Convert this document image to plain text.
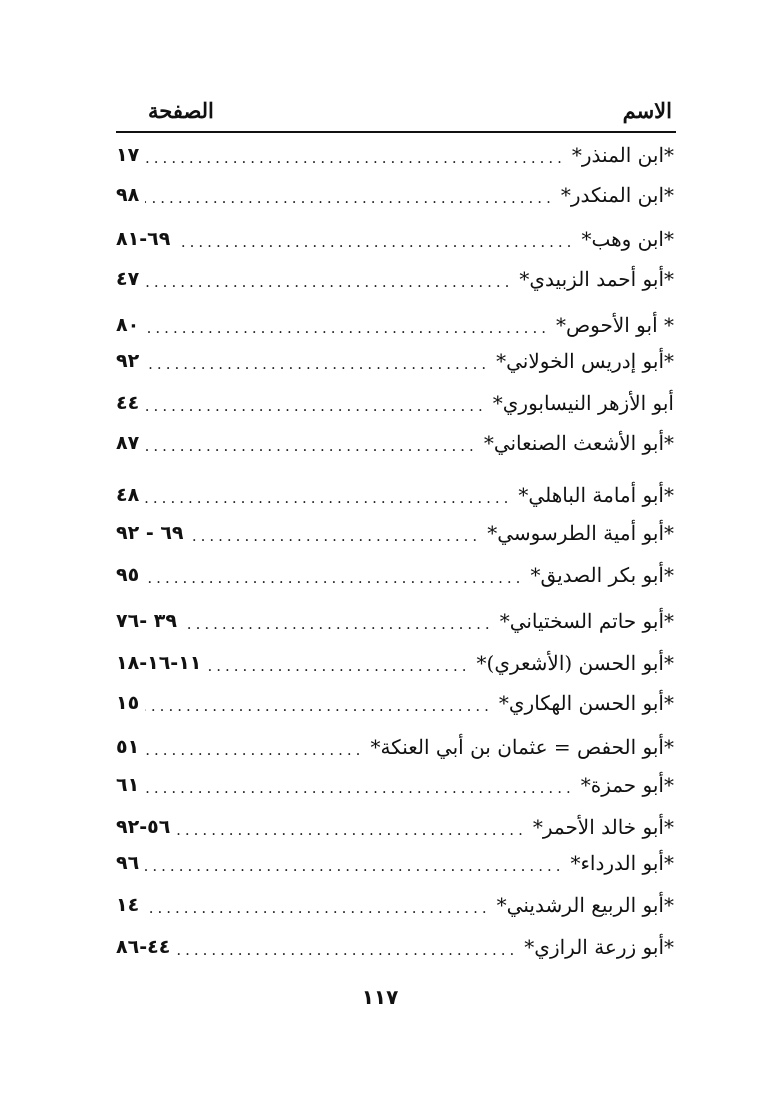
الاسم
الصفحة
*ابن المنذر*
.....
١٧
*ابن المنكدر*
.....
٩٨
*ابن وهب*
.....
٦٩-٨١
*أبو أحمد الزبيدي*
.....
٤٧
* أبو الأحوص*
.....
٨٠
*أبو إدريس الخولاني*
.....
٩٢
أبو الأزهر النيسابوري*
.....
٤٤
*أبو الأشعث الصنعاني*
.....
٨٧
*أبو أمامة الباهلي*
.....
٤٨
*أبو أمية الطرسوسي*
.....
٦٩ - ٩٢
*أبو بكر الصديق*
.....
٩٥
*أبو حاتم السختياني*
.....
٣٩ -٧٦
*أبو الحسن (الأشعري)*
.....
١١-١٦-١٨
*أبو الحسن الهكاري*
.....
١٥
*أبو الحفص = عثمان بن أبي العنكة*
.....
٥١
*أبو حمزة*
.....
٦١
*أبو خالد الأحمر*
.....
٥٦-٩٢
*أبو الدرداء*
.....
٩٦
*أبو الربيع الرشديني*
.....
١٤
*أبو زرعة الرازي*
.....
٤٤-٨٦
١١٧
